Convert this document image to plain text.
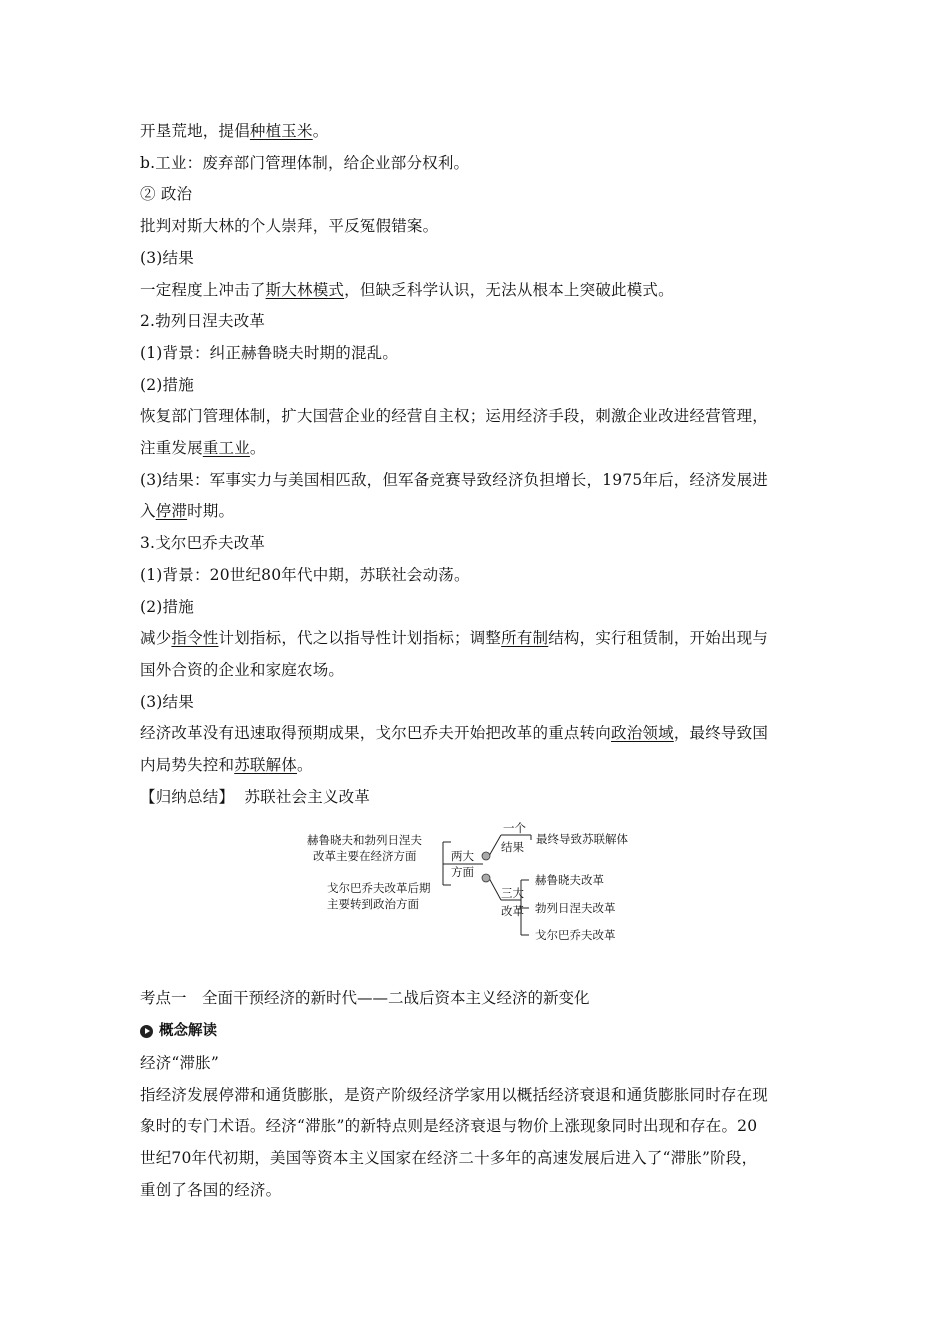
开垦荒地，提倡种植玉米。
b.工业：废弃部门管理体制，给企业部分权利。
② 政治
批判对斯大林的个人崇拜，平反冤假错案。
(3)结果
一定程度上冲击了斯大林模式，但缺乏科学认识，无法从根本上突破此模式。
2.勃列日涅夫改革
(1)背景：纠正赫鲁晓夫时期的混乱。
(2)措施
恢复部门管理体制，扩大国营企业的经营自主权；运用经济手段，刺激企业改进经营管理，
注重发展重工业。
(3)结果：军事实力与美国相匹敌，但军备竞赛导致经济负担增长，1975年后，经济发展进
入停滞时期。
3.戈尔巴乔夫改革
(1)背景：20世纪80年代中期，苏联社会动荡。
(2)措施
减少指令性计划指标，代之以指导性计划指标；调整所有制结构，实行租赁制，开始出现与
国外合资的企业和家庭农场。
(3)结果
经济改革没有迅速取得预期成果，戈尔巴乔夫开始把改革的重点转向政治领域，最终导致国
内局势失控和苏联解体。
【归纳总结】 苏联社会主义改革
赫鲁晓夫和勃列日涅夫
改革主要在经济方面
戈尔巴乔夫改革后期
主要转到政治方面
两大
方面
一个
结果
三大
改革
最终导致苏联解体
赫鲁晓夫改革
勃列日涅夫改革
戈尔巴乔夫改革
考点一　全面干预经济的新时代——二战后资本主义经济的新变化
概念解读
经济“滞胀”
指经济发展停滞和通货膨胀，是资产阶级经济学家用以概括经济衰退和通货膨胀同时存在现
象时的专门术语。经济“滞胀”的新特点则是经济衰退与物价上涨现象同时出现和存在。20
世纪70年代初期，美国等资本主义国家在经济二十多年的高速发展后进入了“滞胀”阶段，
重创了各国的经济。
